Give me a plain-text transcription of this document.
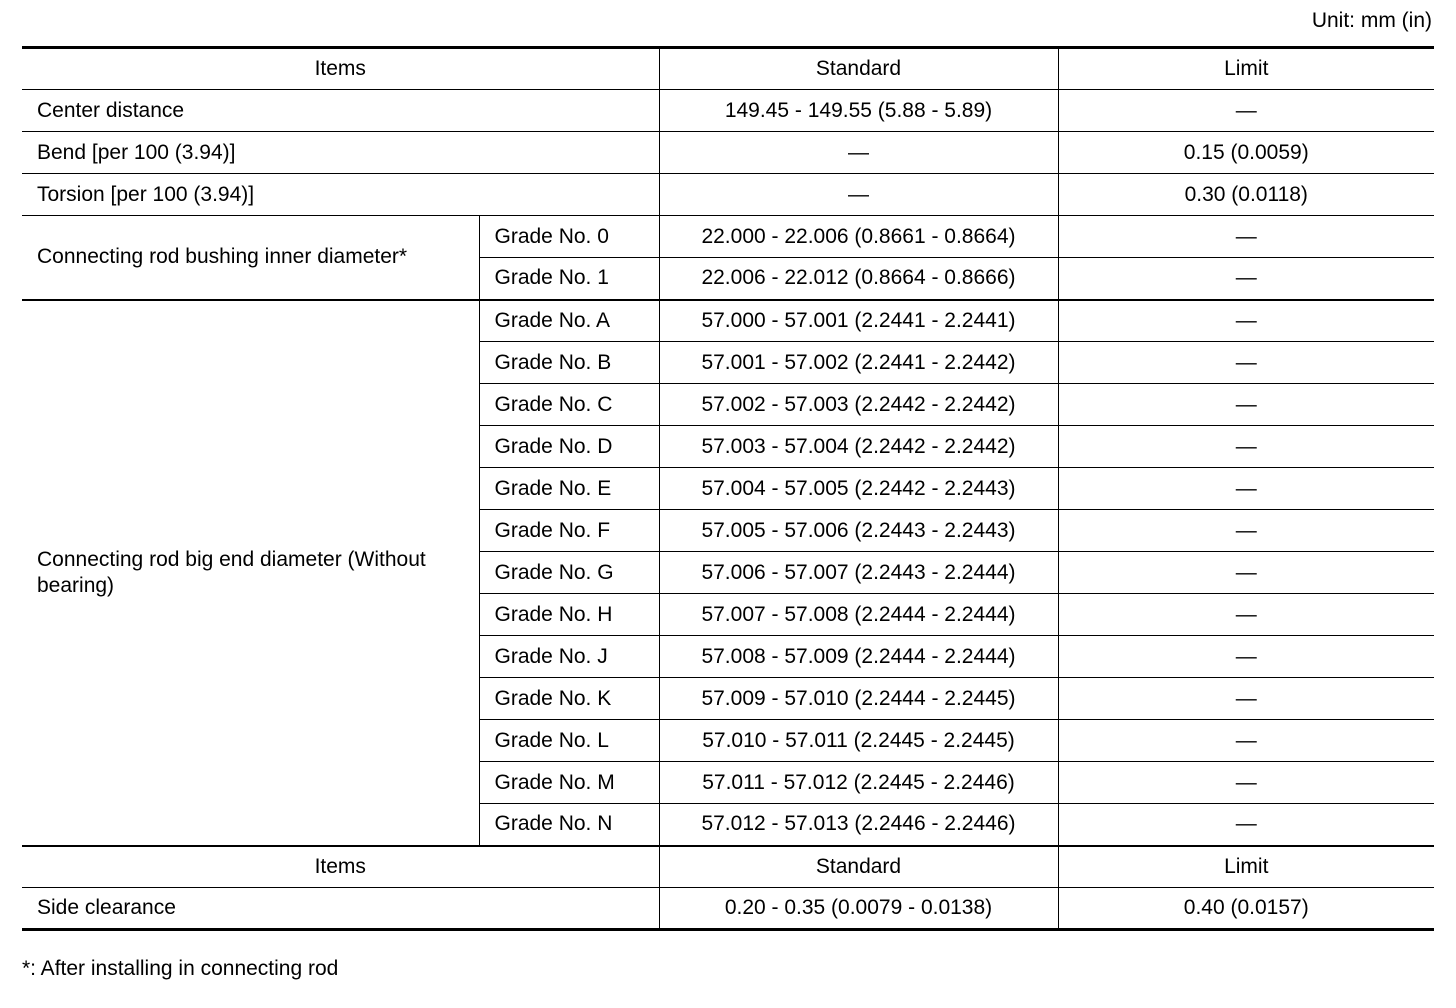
Unit: mm (in)
Items		Standard	Limit
Center distance		149.45 - 149.55 (5.88 - 5.89)	—
Bend [per 100 (3.94)]		—	0.15 (0.0059)
Torsion [per 100 (3.94)]		—	0.30 (0.0118)
Connecting rod bushing inner diameter*	Grade No. 0	22.000 - 22.006 (0.8661 - 0.8664)	—
	Grade No. 1	22.006 - 22.012 (0.8664 - 0.8666)	—
Connecting rod big end diameter (Without bearing)	Grade No. A	57.000 - 57.001 (2.2441 - 2.2441)	—
	Grade No. B	57.001 - 57.002 (2.2441 - 2.2442)	—
	Grade No. C	57.002 - 57.003 (2.2442 - 2.2442)	—
	Grade No. D	57.003 - 57.004 (2.2442 - 2.2442)	—
	Grade No. E	57.004 - 57.005 (2.2442 - 2.2443)	—
	Grade No. F	57.005 - 57.006 (2.2443 - 2.2443)	—
	Grade No. G	57.006 - 57.007 (2.2443 - 2.2444)	—
	Grade No. H	57.007 - 57.008 (2.2444 - 2.2444)	—
	Grade No. J	57.008 - 57.009 (2.2444 - 2.2444)	—
	Grade No. K	57.009 - 57.010 (2.2444 - 2.2445)	—
	Grade No. L	57.010 - 57.011 (2.2445 - 2.2445)	—
	Grade No. M	57.011 - 57.012 (2.2445 - 2.2446)	—
	Grade No. N	57.012 - 57.013 (2.2446 - 2.2446)	—
Items		Standard	Limit
Side clearance		0.20 - 0.35 (0.0079 - 0.0138)	0.40 (0.0157)
*: After installing in connecting rod
